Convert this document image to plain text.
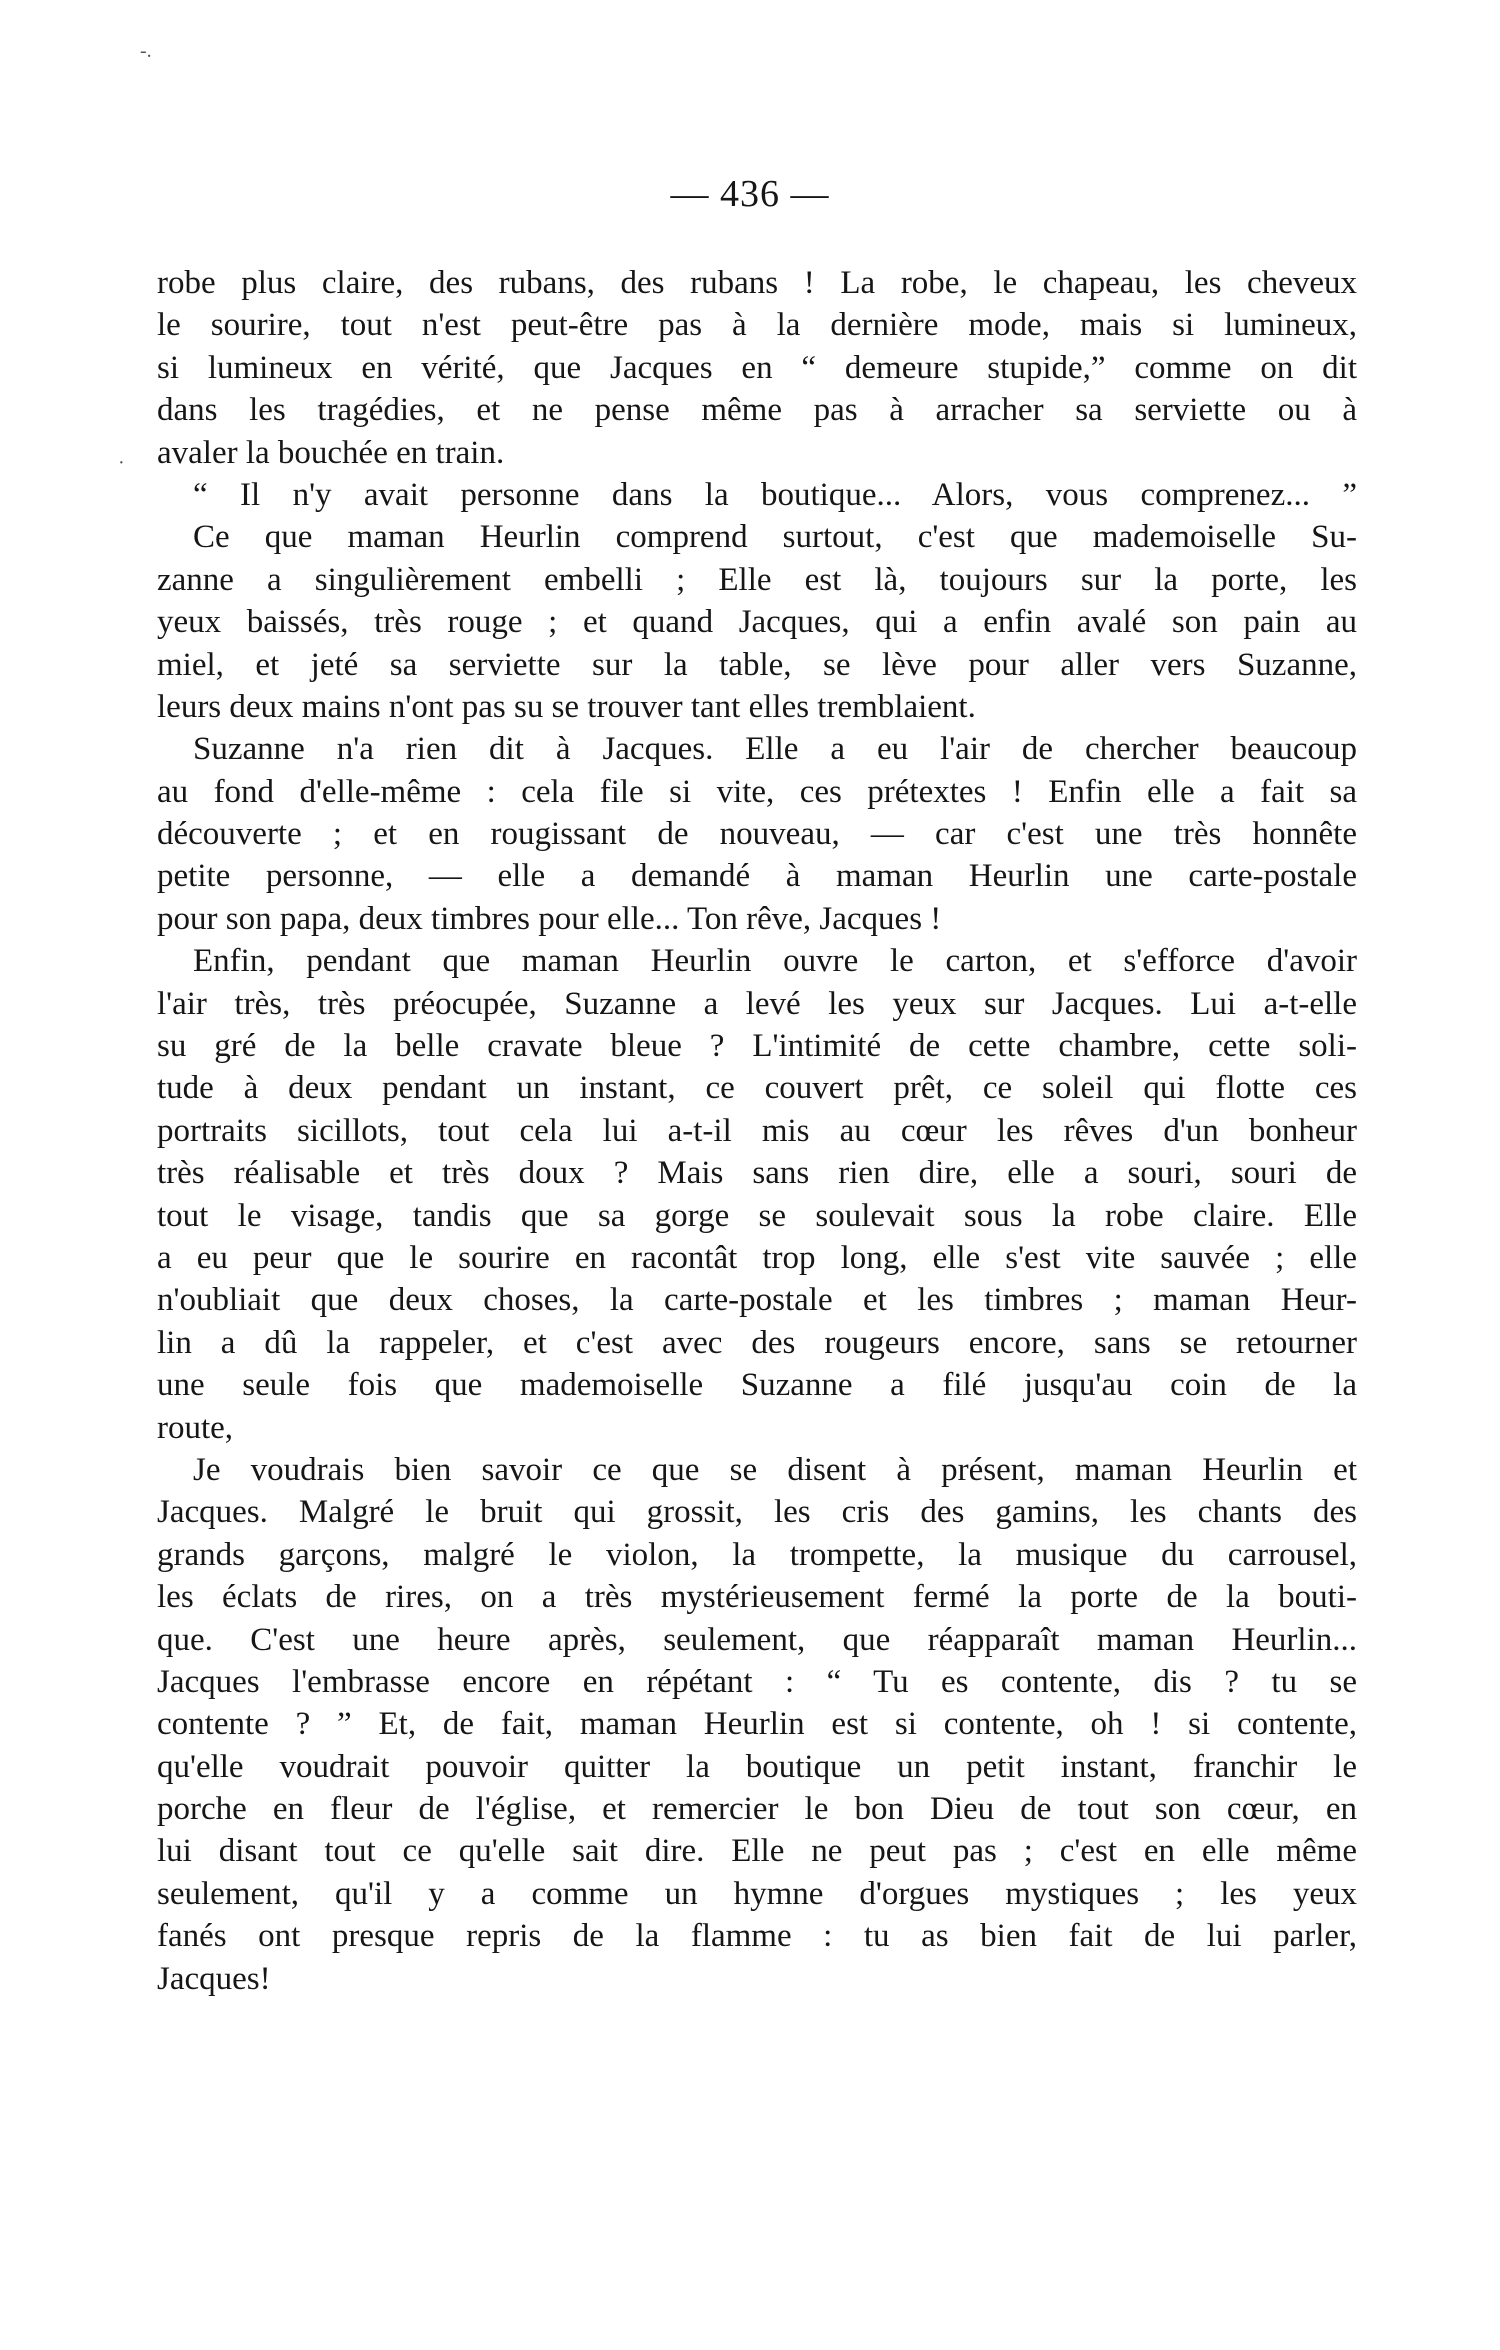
-.
·
— 436 —
robe plus claire, des rubans, des rubans ! La robe, le chapeau, les cheveux
le sourire, tout n'est peut-être pas à la dernière mode, mais si lumineux,
si lumineux en vérité, que Jacques en “ demeure stupide,” comme on dit
dans les tragédies, et ne pense même pas à arracher sa serviette ou à
avaler la bouchée en train.
“ Il n'y avait personne dans la boutique... Alors, vous comprenez... ”
Ce que maman Heurlin comprend surtout, c'est que mademoiselle Su-
zanne a singulièrement embelli ; Elle est là, toujours sur la porte, les
yeux baissés, très rouge ; et quand Jacques, qui a enfin avalé son pain au
miel, et jeté sa serviette sur la table, se lève pour aller vers Suzanne,
leurs deux mains n'ont pas su se trouver tant elles tremblaient.
Suzanne n'a rien dit à Jacques. Elle a eu l'air de chercher beaucoup
au fond d'elle-même : cela file si vite, ces prétextes ! Enfin elle a fait sa
découverte ; et en rougissant de nouveau, — car c'est une très honnête
petite personne, — elle a demandé à maman Heurlin une carte-postale
pour son papa, deux timbres pour elle... Ton rêve, Jacques !
Enfin, pendant que maman Heurlin ouvre le carton, et s'efforce d'avoir
l'air très, très préocupée, Suzanne a levé les yeux sur Jacques. Lui a-t-elle
su gré de la belle cravate bleue ? L'intimité de cette chambre, cette soli-
tude à deux pendant un instant, ce couvert prêt, ce soleil qui flotte ces
portraits sicillots, tout cela lui a-t-il mis au cœur les rêves d'un bonheur
très réalisable et très doux ? Mais sans rien dire, elle a souri, souri de
tout le visage, tandis que sa gorge se soulevait sous la robe claire. Elle
a eu peur que le sourire en racontât trop long, elle s'est vite sauvée ; elle
n'oubliait que deux choses, la carte-postale et les timbres ; maman Heur-
lin a dû la rappeler, et c'est avec des rougeurs encore, sans se retourner
une seule fois que mademoiselle Suzanne a filé jusqu'au coin de la
route,
Je voudrais bien savoir ce que se disent à présent, maman Heurlin et
Jacques. Malgré le bruit qui grossit, les cris des gamins, les chants des
grands garçons, malgré le violon, la trompette, la musique du carrousel,
les éclats de rires, on a très mystérieusement fermé la porte de la bouti-
que. C'est une heure après, seulement, que réapparaît maman Heurlin...
Jacques l'embrasse encore en répétant : “ Tu es contente, dis ? tu se
contente ? ” Et, de fait, maman Heurlin est si contente, oh ! si contente,
qu'elle voudrait pouvoir quitter la boutique un petit instant, franchir le
porche en fleur de l'église, et remercier le bon Dieu de tout son cœur, en
lui disant tout ce qu'elle sait dire. Elle ne peut pas ; c'est en elle même
seulement, qu'il y a comme un hymne d'orgues mystiques ; les yeux
fanés ont presque repris de la flamme : tu as bien fait de lui parler,
Jacques!
